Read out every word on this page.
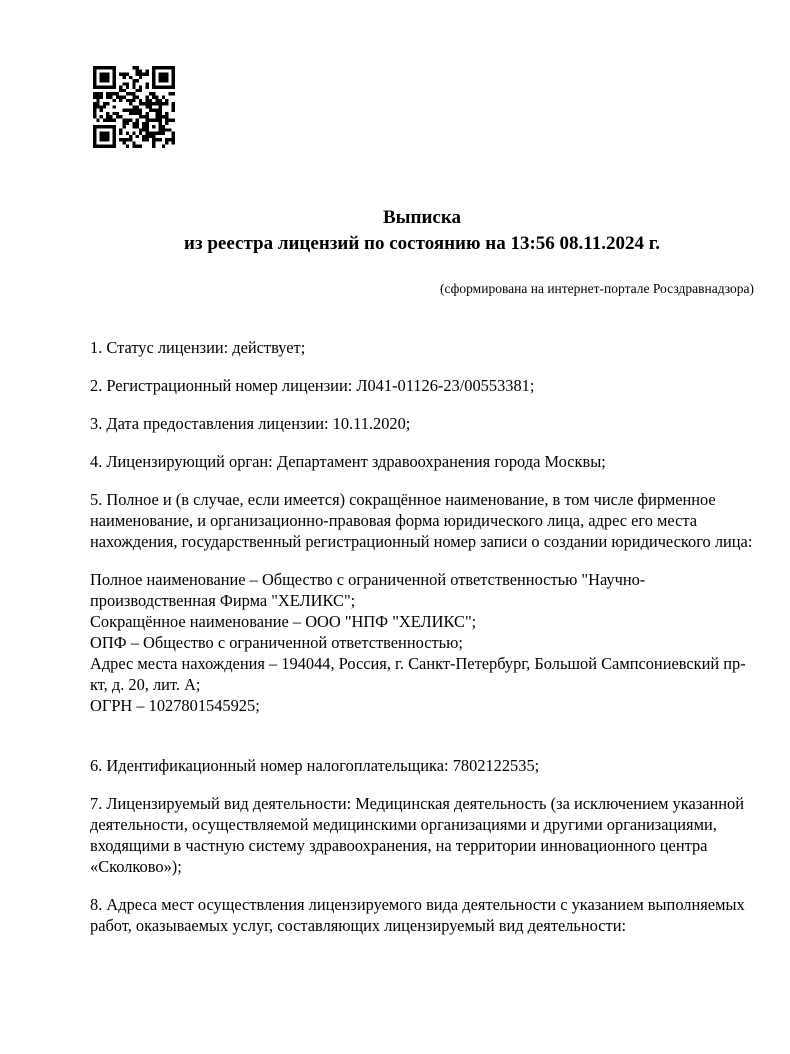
Выписка
из реестра лицензий по состоянию на 13:56 08.11.2024 г.

(сформирована на интернет-портале Росздравнадзора)

1. Статус лицензии: действует;

2. Регистрационный номер лицензии: Л041-01126-23/00553381;

3. Дата предоставления лицензии: 10.11.2020;

4. Лицензирующий орган: Департамент здравоохранения города Москвы;

5. Полное и (в случае, если имеется) сокращённое наименование, в том числе фирменное наименование, и организационно-правовая форма юридического лица, адрес его места нахождения, государственный регистрационный номер записи о создании юридического лица:

Полное наименование – Общество с ограниченной ответственностью "Научно-производственная Фирма "ХЕЛИКС";

Сокращённое наименование – ООО "НПФ "ХЕЛИКС";

ОПФ – Общество с ограниченной ответственностью;

Адрес места нахождения – 194044, Россия, г. Санкт-Петербург, Большой Сампсониевский пр-кт, д. 20, лит. А;

ОГРН – 1027801545925;

6. Идентификационный номер налогоплательщика: 7802122535;

7. Лицензируемый вид деятельности: Медицинская деятельность (за исключением указанной деятельности, осуществляемой медицинскими организациями и другими организациями, входящими в частную систему здравоохранения, на территории инновационного центра «Сколково»);

8. Адреса мест осуществления лицензируемого вида деятельности с указанием выполняемых работ, оказываемых услуг, составляющих лицензируемый вид деятельности:
